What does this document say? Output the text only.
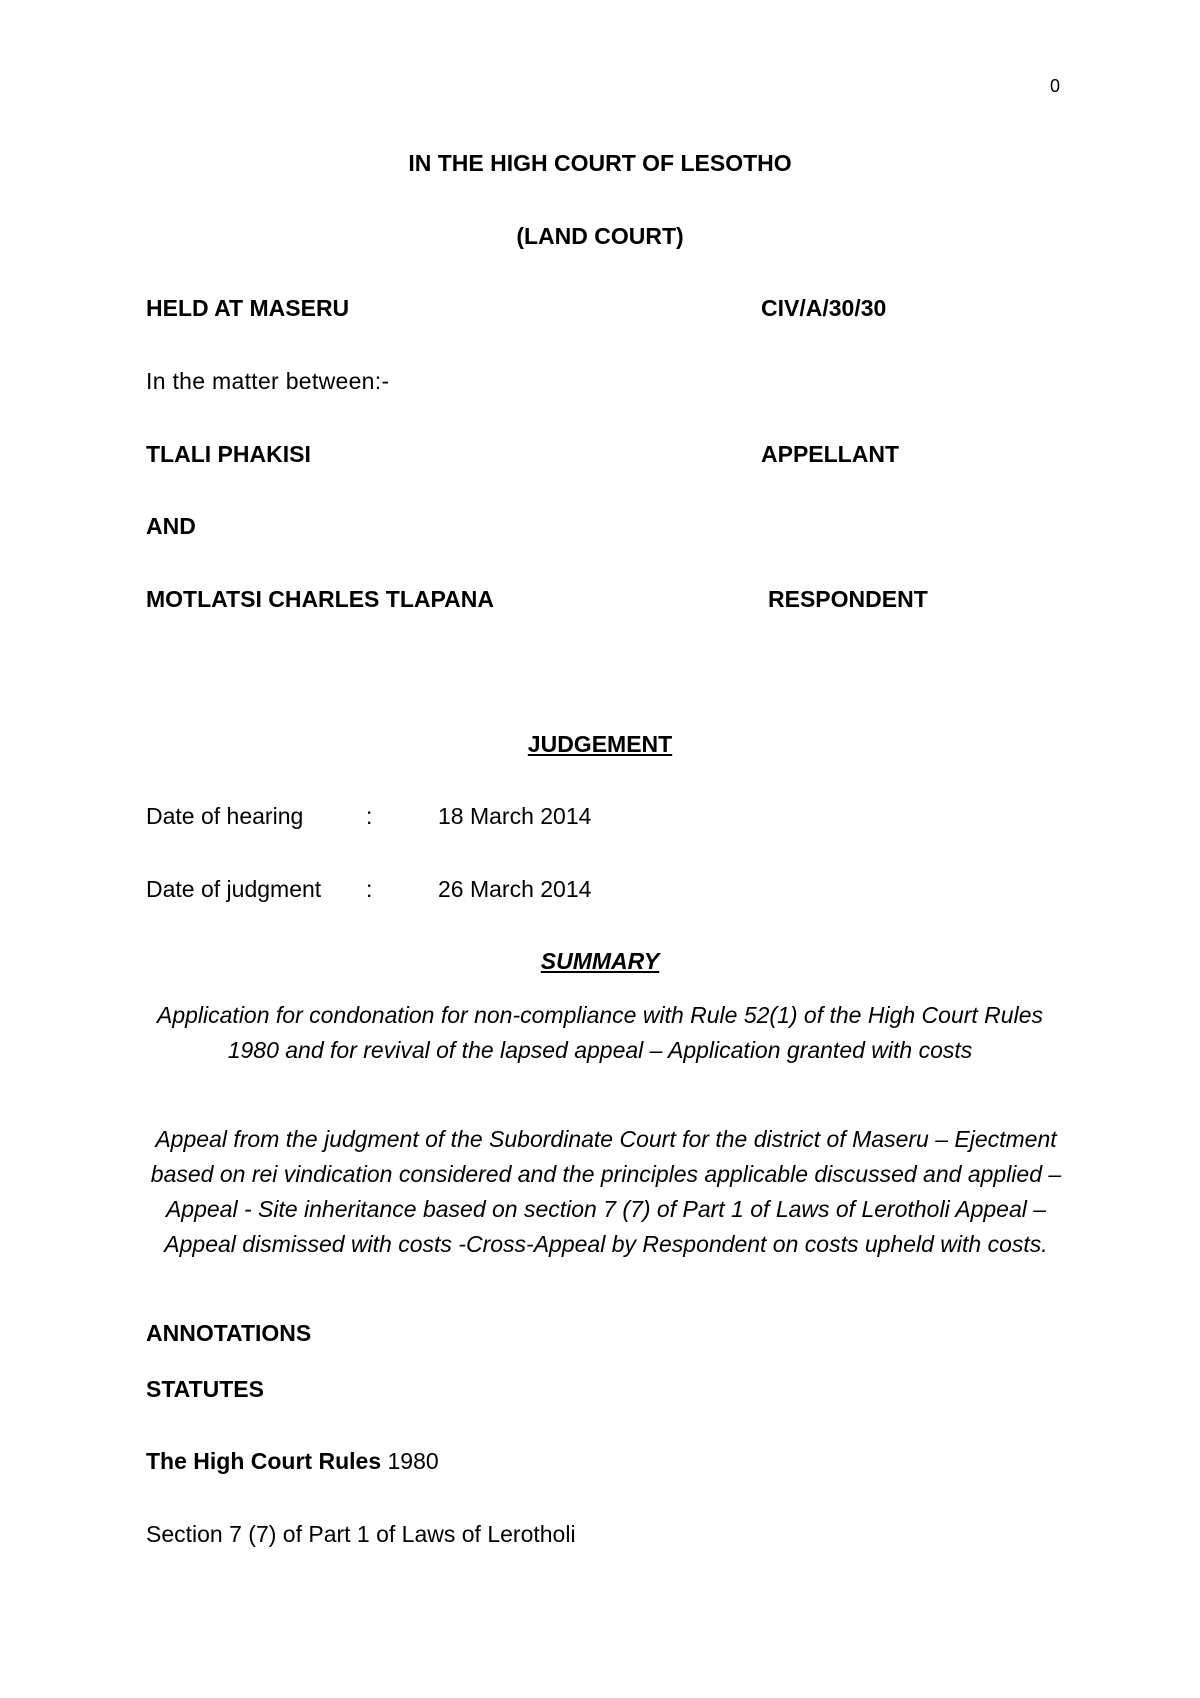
0
IN THE HIGH COURT OF LESOTHO
(LAND COURT)
HELD AT MASERU	CIV/A/30/30
In the matter between:-
TLALI PHAKISI	APPELLANT
AND
MOTLATSI CHARLES TLAPANA	RESPONDENT
JUDGEMENT
Date of hearing	:	18 March 2014
Date of judgment :	26 March 2014
SUMMARY
Application for condonation for non-compliance with Rule 52(1) of the High Court Rules 1980 and for revival of the lapsed appeal – Application granted with costs
Appeal from the judgment of the Subordinate Court for the district of Maseru – Ejectment based on rei vindication considered and the principles applicable discussed and applied – Appeal - Site inheritance based on section 7 (7) of Part 1 of Laws of Lerotholi Appeal – Appeal dismissed with costs -Cross-Appeal by Respondent on costs upheld with costs.
ANNOTATIONS
STATUTES
The High Court Rules 1980
Section 7 (7) of Part 1 of Laws of Lerotholi
